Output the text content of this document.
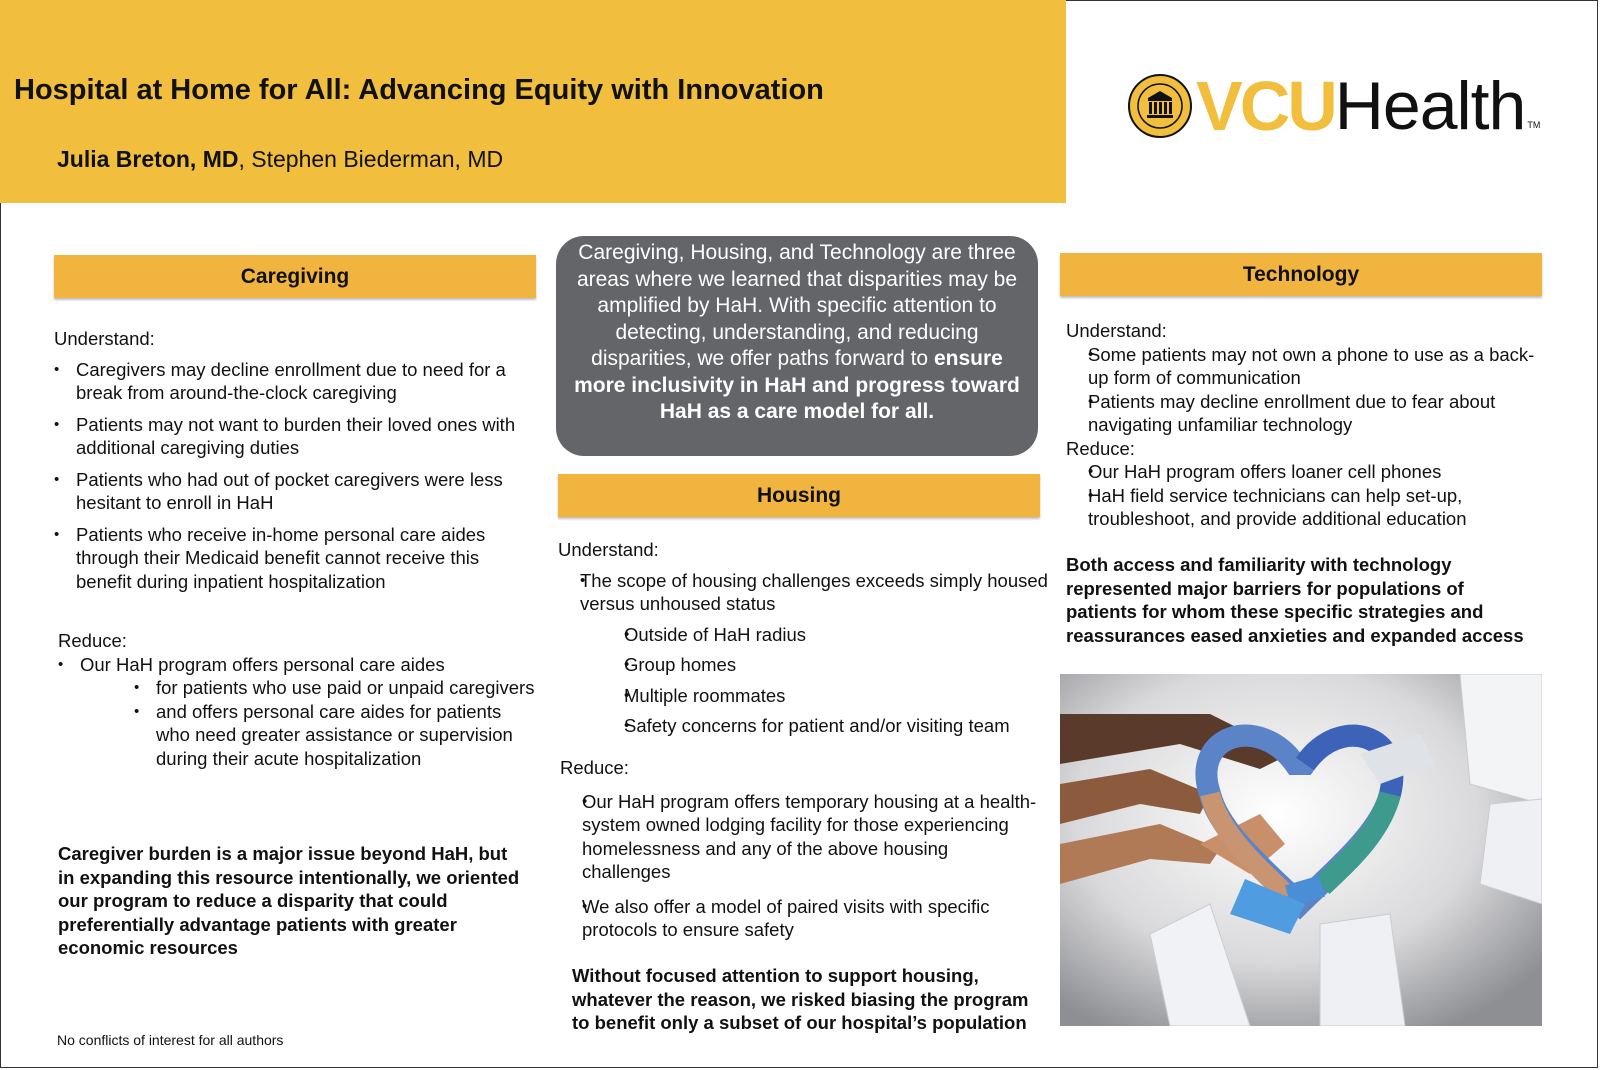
Hospital at Home for All: Advancing Equity with Innovation
Julia Breton, MD, Stephen Biederman, MD
VCU Health TM
Caregiving

Understand:

• Caregivers may decline enrollment due to need for a break from around-the-clock caregiving
• Patients may not want to burden their loved ones with additional caregiving duties
• Patients who had out of pocket caregivers were less hesitant to enroll in HaH
• Patients who receive in-home personal care aides through their Medicaid benefit cannot receive this benefit during inpatient hospitalization

Reduce:

• Our HaH program offers personal care aides
• for patients who use paid or unpaid caregivers
• and offers personal care aides for patients who need greater assistance or supervision during their acute hospitalization
Caregiver burden is a major issue beyond HaH, but in expanding this resource intentionally, we oriented our program to reduce a disparity that could preferentially advantage patients with greater economic resources
No conflicts of interest for all authors
Caregiving, Housing, and Technology are three areas where we learned that disparities may be amplified by HaH. With specific attention to detecting, understanding, and reducing disparities, we offer paths forward to ensure more inclusivity in HaH and progress toward HaH as a care model for all.
Housing

Understand:

• The scope of housing challenges exceeds simply housed versus unhoused status
• Outside of HaH radius
• Group homes
• Multiple roommates
• Safety concerns for patient and/or visiting team

Reduce:

• Our HaH program offers temporary housing at a health-system owned lodging facility for those experiencing homelessness and any of the above housing challenges
• We also offer a model of paired visits with specific protocols to ensure safety
Without focused attention to support housing, whatever the reason, we risked biasing the program to benefit only a subset of our hospital’s population
Technology

Understand:

• Some patients may not own a phone to use as a back-up form of communication
• Patients may decline enrollment due to fear about navigating unfamiliar technology

Reduce:

• Our HaH program offers loaner cell phones
• HaH field service technicians can help set-up, troubleshoot, and provide additional education
Both access and familiarity with technology represented major barriers for populations of patients for whom these specific strategies and reassurances eased anxieties and expanded access
